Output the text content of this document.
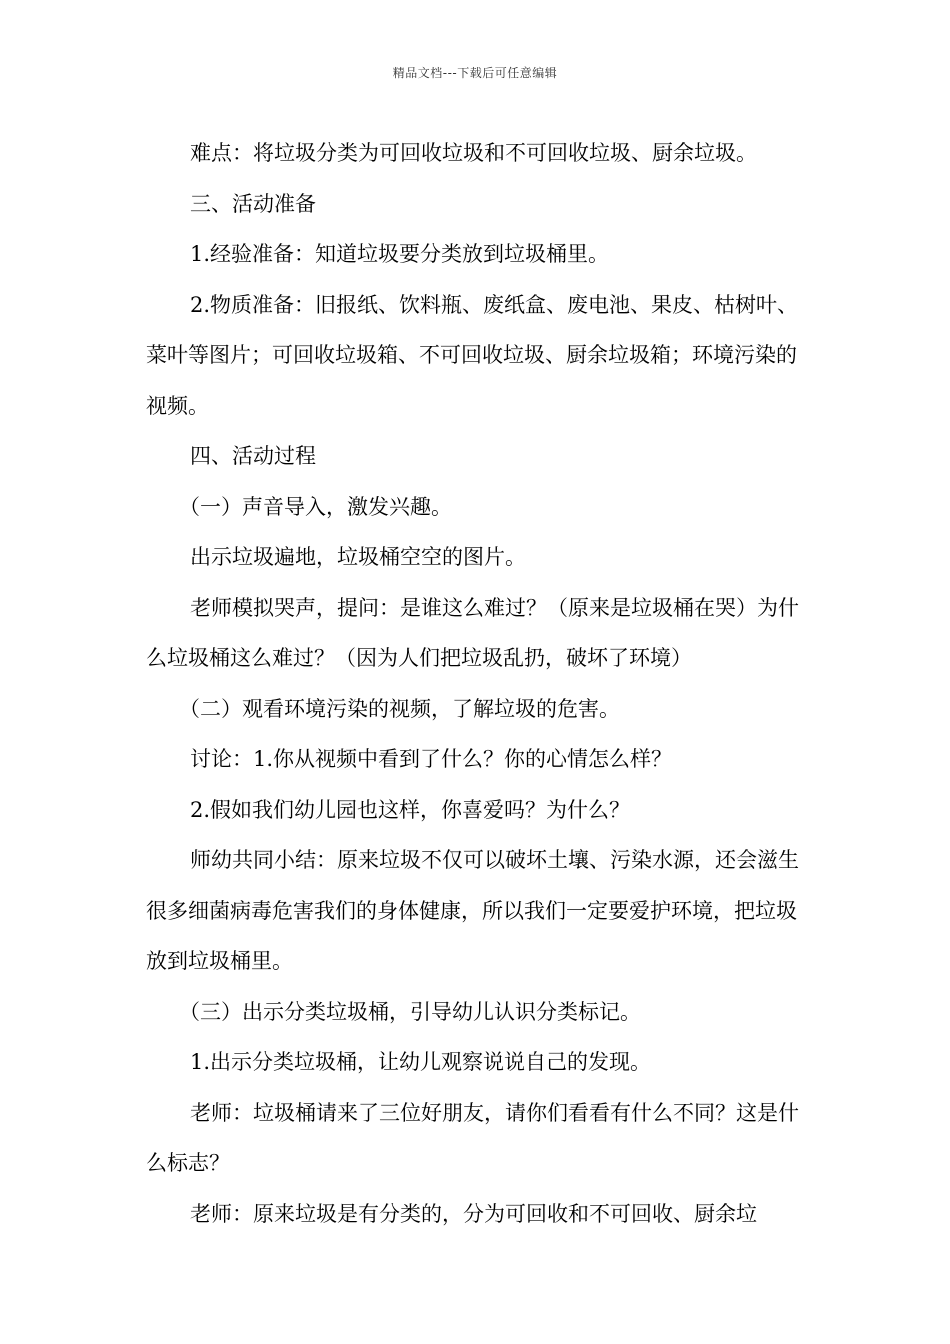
精品文档---下载后可任意编辑

难点：将垃圾分类为可回收垃圾和不可回收垃圾、厨余垃圾。

三、活动准备

1.经验准备：知道垃圾要分类放到垃圾桶里。

2.物质准备：旧报纸、饮料瓶、废纸盒、废电池、果皮、枯树叶、菜叶等图片；可回收垃圾箱、不可回收垃圾、厨余垃圾箱；环境污染的视频。

四、活动过程

（一）声音导入，激发兴趣。

出示垃圾遍地，垃圾桶空空的图片。

老师模拟哭声，提问：是谁这么难过？（原来是垃圾桶在哭）为什么垃圾桶这么难过？（因为人们把垃圾乱扔，破坏了环境）

（二）观看环境污染的视频，了解垃圾的危害。

讨论：1.你从视频中看到了什么？你的心情怎么样？

2.假如我们幼儿园也这样，你喜爱吗？为什么？

师幼共同小结：原来垃圾不仅可以破坏土壤、污染水源，还会滋生很多细菌病毒危害我们的身体健康，所以我们一定要爱护环境，把垃圾放到垃圾桶里。

（三）出示分类垃圾桶，引导幼儿认识分类标记。

1.出示分类垃圾桶，让幼儿观察说说自己的发现。

老师：垃圾桶请来了三位好朋友，请你们看看有什么不同？这是什么标志？

老师：原来垃圾是有分类的，分为可回收和不可回收、厨余垃
